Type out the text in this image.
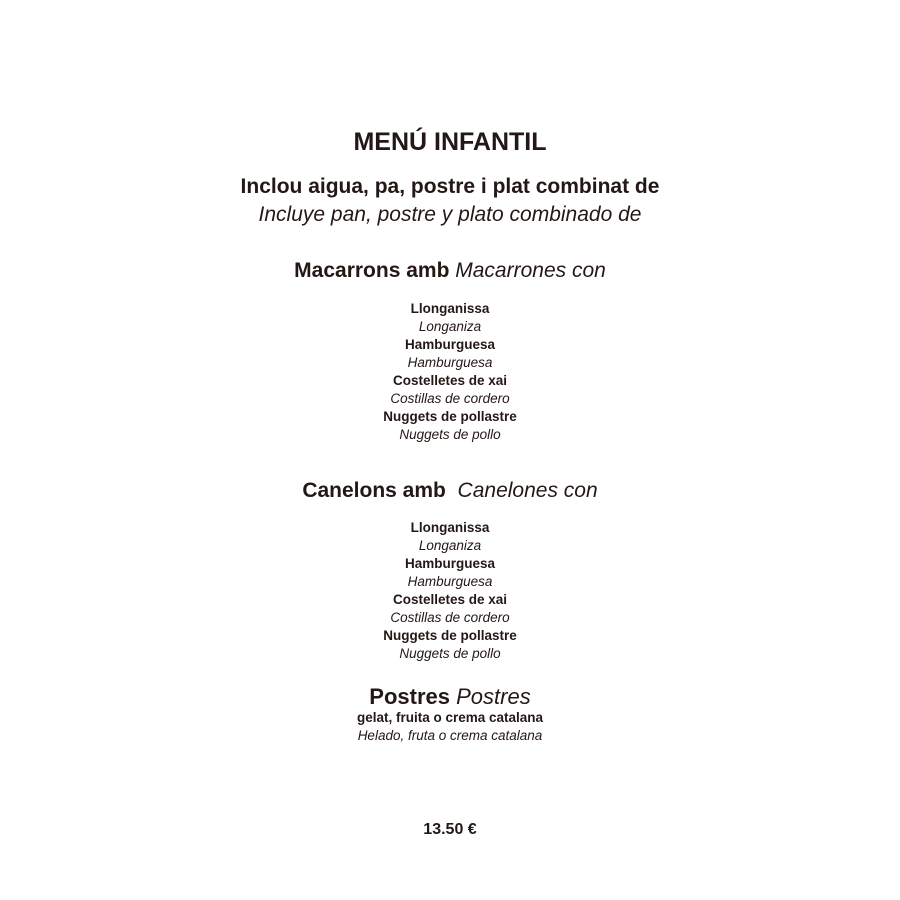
MENÚ INFANTIL
Inclou aigua, pa, postre i plat combinat de
Incluye pan, postre y plato combinado de
Macarrons amb Macarrones con
Llonganissa
Longaniza
Hamburguesa
Hamburguesa
Costelletes de xai
Costillas de cordero
Nuggets de pollastre
Nuggets de pollo
Canelons amb Canelones con
Llonganissa
Longaniza
Hamburguesa
Hamburguesa
Costelletes de xai
Costillas de cordero
Nuggets de pollastre
Nuggets de pollo
Postres Postres
gelat, fruita o crema catalana
Helado, fruta o crema catalana
13.50 €
